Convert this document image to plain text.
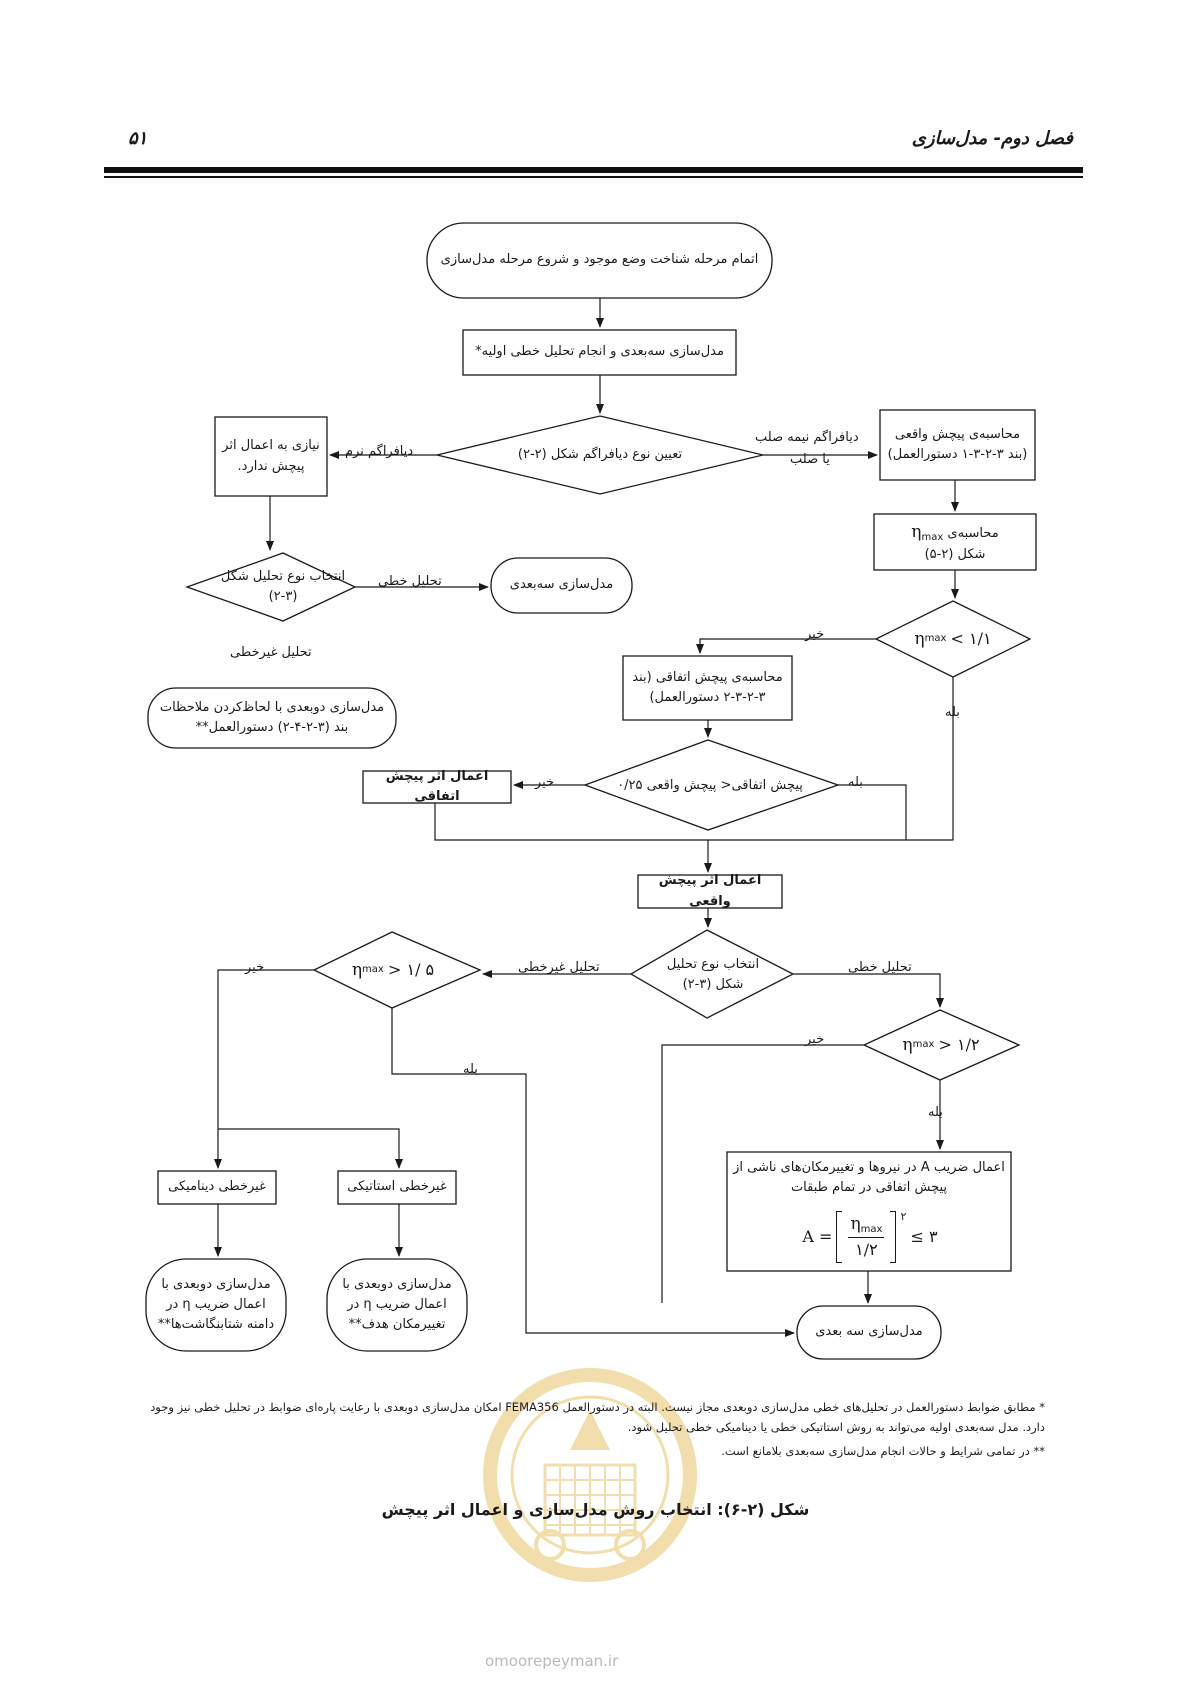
۵۱	فصل دوم- مدل‌سازی
اتمام مرحله شناخت وضع موجود و شروع مرحله مدل‌سازی
مدل‌سازی سه‌بعدی و انجام تحلیل خطی اولیه*
تعیین نوع دیافراگم شکل (۲-۲)
نیازی به اعمال اثر پیچش ندارد.
محاسبه‌ی پیچش واقعی (بند ۳-۲-۳-۱ دستورالعمل)
محاسبه‌ی $\eta_{max}$
شکل (۲-۵)
انتخاب نوع تحلیل شکل (۳-۲)
مدل‌سازی سه‌بعدی
مدل‌سازی دوبعدی با لحاظ‌کردن ملاحظات بند (۳-۲-۴-۲) دستورالعمل**
η max
< ۱/۱
محاسبه‌ی پیچش اتفاقی (بند ۳-۲-۳-۲ دستورالعمل)
پیچش اتفاقی< پیچش واقعی ۰/۲۵
اعمال اثر پیچش اتفاقی
اعمال اثر پیچش واقعی
انتخاب نوع تحلیل شکل (۳-۲)
η max
> ۱/ ۵
η max
> ۱/۲
اعمال ضریب A در نیروها و تغییرمکان‌های ناشی از پیچش اتفاقی در تمام طبقات
A =
$\eta_{max}$
۱/۲
$^۲$

≤ ۳
غیرخطی دینامیکی	غیرخطی استاتیکی
مدل‌سازی دوبعدی با اعمال ضریب η در دامنه شتابنگاشت‌ها**
مدل‌سازی دوبعدی با اعمال ضریب η در تغییرمکان هدف**	مدل‌سازی سه بعدی
دیافراگم نرم
دیافراگم نیمه صلب
یا صلب
تحلیل خطی
تحلیل غیرخطی
خیر
بله
بله
خیر
تحلیل غیرخطی	تحلیل خطی
خیر
بله
خیر
بله

* مطابق ضوابط دستورالعمل در تحلیل‌های خطی مدل‌سازی دوبعدی مجاز نیست. البته در دستورالعمل FEMA356 امکان مدل‌سازی دوبعدی با رعایت پاره‌ای ضوابط در تحلیل خطی نیز وجود دارد. مدل سه‌بعدی اولیه می‌تواند به روش استاتیکی خطی یا دینامیکی خطی تحلیل شود.

** در تمامی شرایط و حالات انجام مدل‌سازی سه‌بعدی بلامانع است.

شکل (۲-۶): انتخاب روش مدل‌سازی و اعمال اثر پیچش
omoorepeyman.ir
